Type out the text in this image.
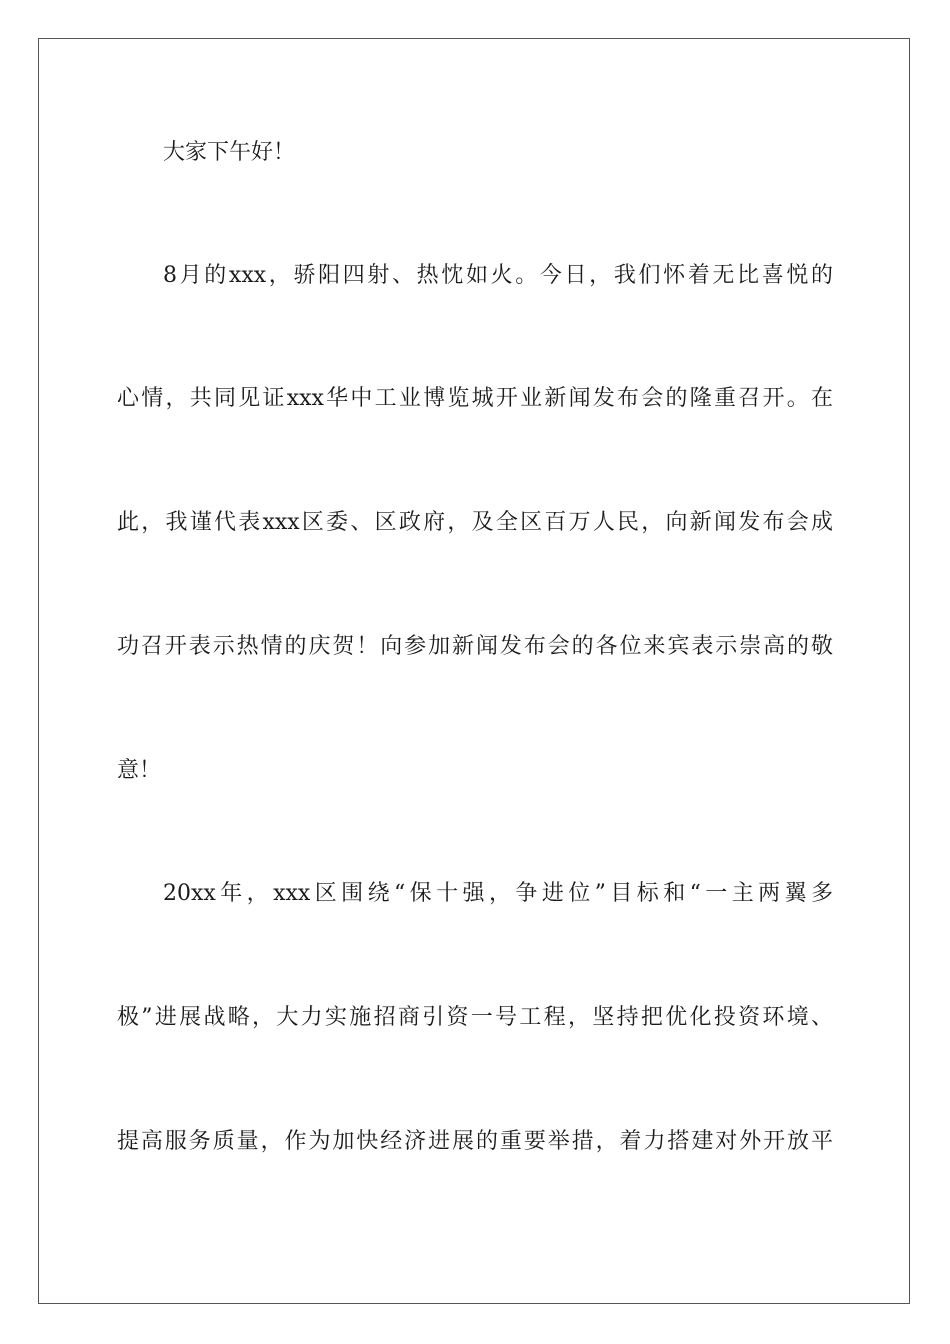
大家下午好！

8月的xxx，骄阳四射、热忱如火。今日，我们怀着无比喜悦的

心情，共同见证xxx华中工业博览城开业新闻发布会的隆重召开。在

此，我谨代表xxx区委、区政府，及全区百万人民，向新闻发布会成

功召开表示热情的庆贺！向参加新闻发布会的各位来宾表示崇高的敬

意！

20xx年，xxx区围绕“保十强，争进位”目标和“一主两翼多

极”进展战略，大力实施招商引资一号工程，坚持把优化投资环境、

提高服务质量，作为加快经济进展的重要举措，着力搭建对外开放平
